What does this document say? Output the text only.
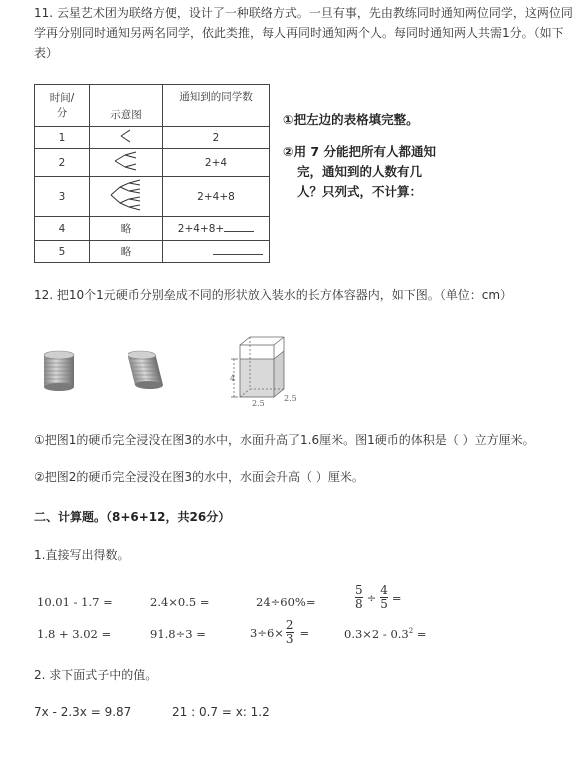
11. 云星艺术团为联络方便，设计了一种联络方式。一旦有事，先由教练同时通知两位同学，这两位同
学再分别同时通知另两名同学，依此类推，每人再同时通知两个人。每同时通知两人共需1分。（如下
表）
时间/
分	示意图	通知到的同学数
1		2
2		2+4
3		2+4+8
4	略	2+4+8+
5	略	
①把左边的表格填完整。
②用 7 分能把所有人都通知
完，通知到的人数有几
人？只列式，不计算：
12. 把10个1元硬币分别垒成不同的形状放入装水的长方体容器内，如下图。（单位：cm）
4
2.5
2.5
①把图1的硬币完全浸没在图3的水中，水面升高了1.6厘米。图1硬币的体积是（ ）立方厘米。
②把图2的硬币完全浸没在图3的水中，水面会升高（ ）厘米。
二、计算题。（8+6+12，共26分）
1.直接写出得数。
10.01 - 1.7 =	2.4×0.5 =	24÷60%=	$\frac{5}{8} \div \frac{4}{5}$ =
1.8 + 3.02 =	91.8÷3 =	$3\div 6\times \frac{2}{3}$ =	$0.3\times 2 - 0.3^2$ =
2. 求下面式子中的值。
7x - 2.3x = 9.87	21 : 0.7 = x: 1.2
